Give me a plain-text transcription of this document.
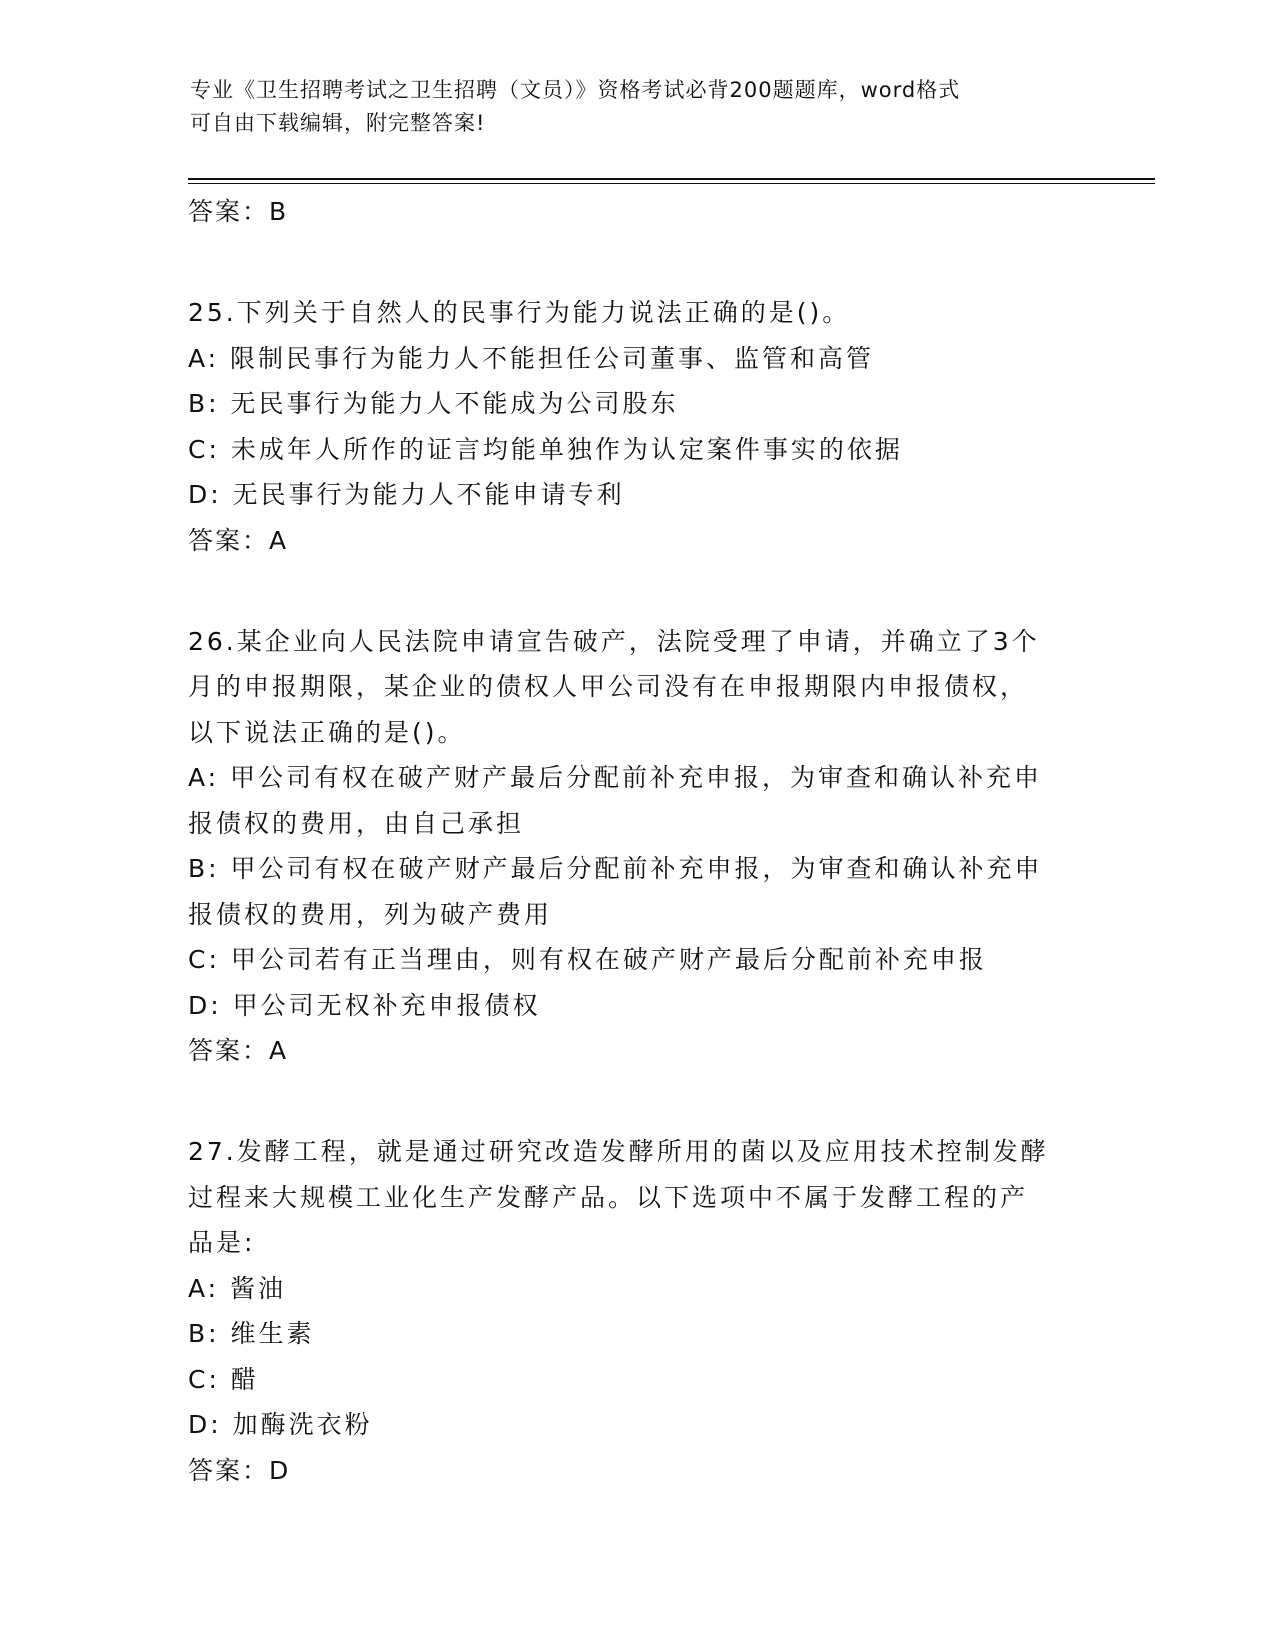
专业《卫生招聘考试之卫生招聘（文员）》资格考试必背200题题库，word格式
可自由下载编辑，附完整答案!
答案：B
25.下列关于自然人的民事行为能力说法正确的是()。
A: 限制民事行为能力人不能担任公司董事、监管和高管
B: 无民事行为能力人不能成为公司股东
C: 未成年人所作的证言均能单独作为认定案件事实的依据
D: 无民事行为能力人不能申请专利
答案：A
26.某企业向人民法院申请宣告破产，法院受理了申请，并确立了3个
月的申报期限，某企业的债权人甲公司没有在申报期限内申报债权，
以下说法正确的是()。
A: 甲公司有权在破产财产最后分配前补充申报，为审查和确认补充申
报债权的费用，由自己承担
B: 甲公司有权在破产财产最后分配前补充申报，为审查和确认补充申
报债权的费用，列为破产费用
C: 甲公司若有正当理由，则有权在破产财产最后分配前补充申报
D: 甲公司无权补充申报债权
答案：A
27.发酵工程，就是通过研究改造发酵所用的菌以及应用技术控制发酵
过程来大规模工业化生产发酵产品。以下选项中不属于发酵工程的产
品是:
A: 酱油
B: 维生素
C: 醋
D: 加酶洗衣粉
答案：D
